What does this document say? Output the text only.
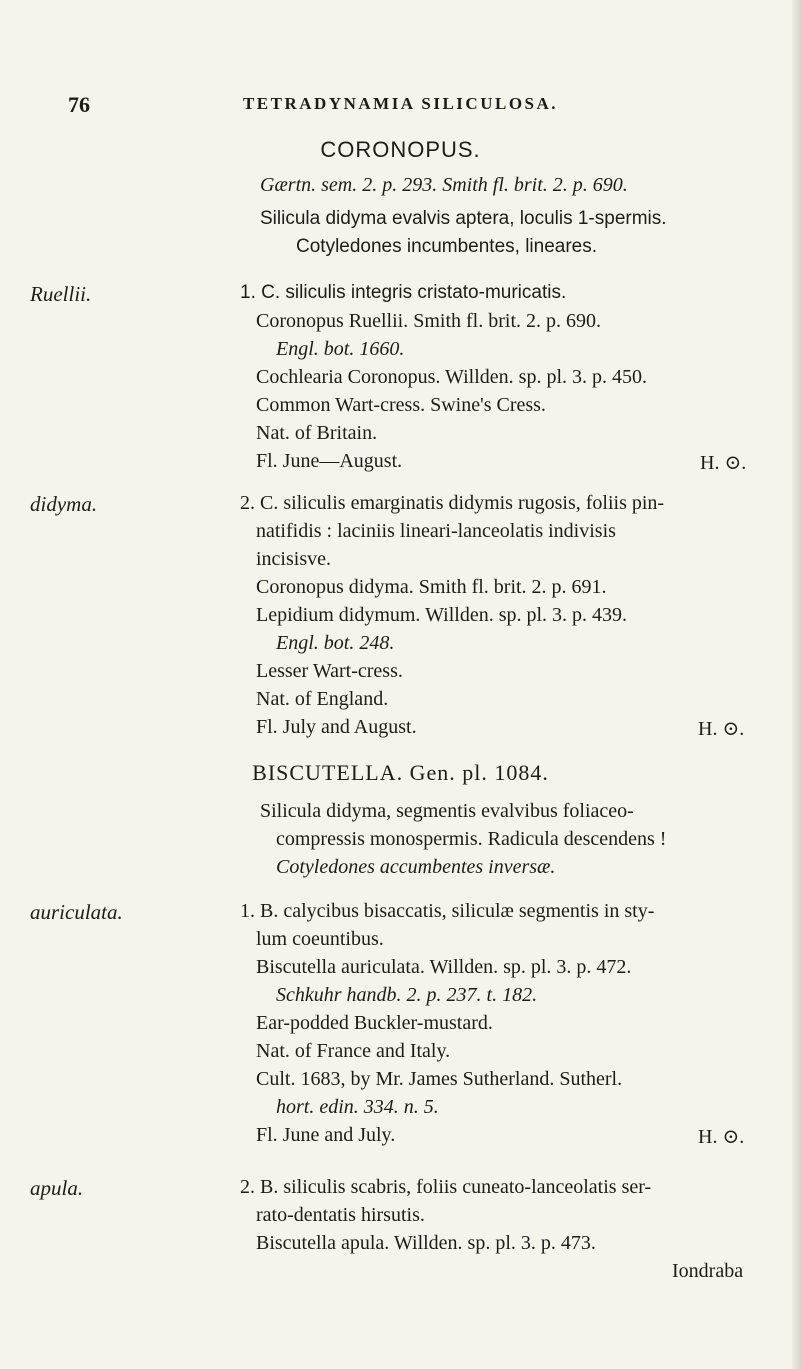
76	TETRADYNAMIA SILICULOSA.
CORONOPUS.
Gærtn. sem. 2. p. 293. Smith fl. brit. 2. p. 690.
Silicula didyma evalvis aptera, loculis 1-spermis.
Cotyledones incumbentes, lineares.
Ruellii.	1. C. siliculis integris cristato-muricatis.
Coronopus Ruellii. Smith fl. brit. 2. p. 690.
Engl. bot. 1660.
Cochlearia Coronopus. Willden. sp. pl. 3. p. 450.
Common Wart-cress. Swine's Cress.
Nat. of Britain.
Fl. June—August.	H. ⊙.
didyma.	2. C. siliculis emarginatis didymis rugosis, foliis pin-
natifidis : laciniis lineari-lanceolatis indivisis
incisisve.
Coronopus didyma. Smith fl. brit. 2. p. 691.
Lepidium didymum. Willden. sp. pl. 3. p. 439.
Engl. bot. 248.
Lesser Wart-cress.
Nat. of England.
Fl. July and August.	H. ⊙.
BISCUTELLA. Gen. pl. 1084.
Silicula didyma, segmentis evalvibus foliaceo-
compressis monospermis. Radicula descendens !
Cotyledones accumbentes inversæ.
auriculata.	1. B. calycibus bisaccatis, siliculæ segmentis in sty-
lum coeuntibus.
Biscutella auriculata. Willden. sp. pl. 3. p. 472.
Schkuhr handb. 2. p. 237. t. 182.
Ear-podded Buckler-mustard.
Nat. of France and Italy.
Cult. 1683, by Mr. James Sutherland. Sutherl.
hort. edin. 334. n. 5.
Fl. June and July.	H. ⊙.
apula.	2. B. siliculis scabris, foliis cuneato-lanceolatis ser-
rato-dentatis hirsutis.
Biscutella apula. Willden. sp. pl. 3. p. 473.
Iondraba
